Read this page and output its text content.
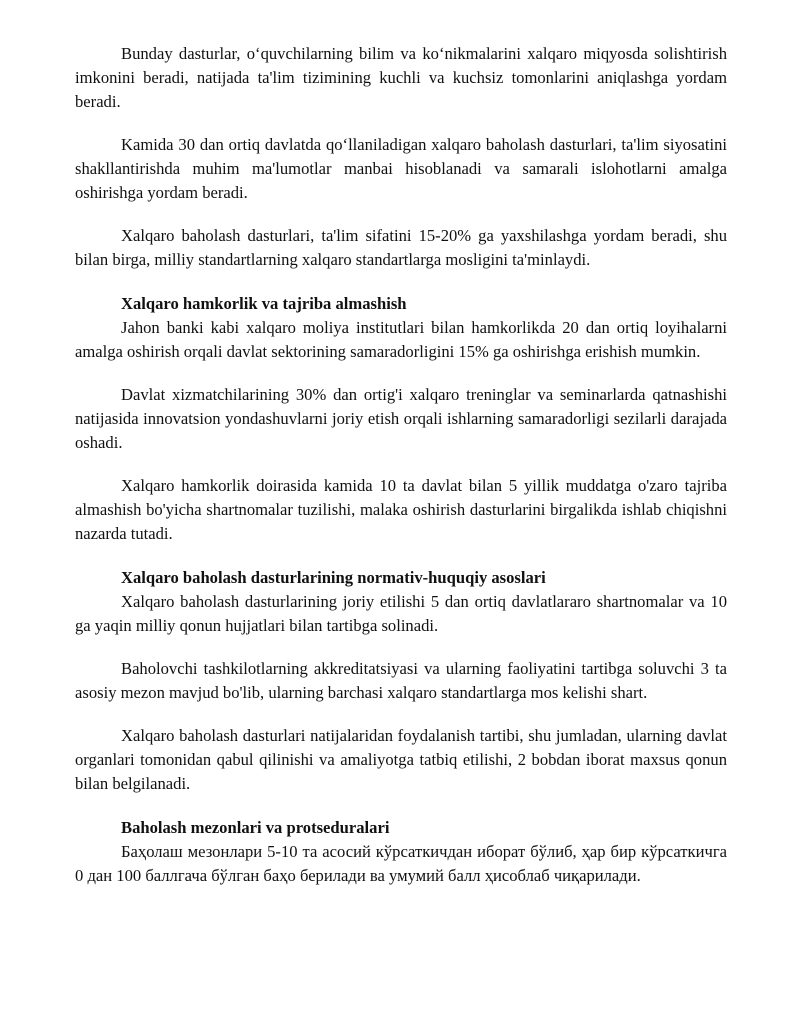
Bunday dasturlar, o‘quvchilarning bilim va ko‘nikmalarini xalqaro miqyosda solishtirish imkonini beradi, natijada ta'lim tizimining kuchli va kuchsiz tomonlarini aniqlashga yordam beradi.

Kamida 30 dan ortiq davlatda qo‘llaniladigan xalqaro baholash dasturlari, ta'lim siyosatini shakllantirishda muhim ma'lumotlar manbai hisoblanadi va samarali islohotlarni amalga oshirishga yordam beradi.

Xalqaro baholash dasturlari, ta'lim sifatini 15-20% ga yaxshilashga yordam beradi, shu bilan birga, milliy standartlarning xalqaro standartlarga mosligini ta'minlaydi.

Xalqaro hamkorlik va tajriba almashish

Jahon banki kabi xalqaro moliya institutlari bilan hamkorlikda 20 dan ortiq loyihalarni amalga oshirish orqali davlat sektorining samaradorligini 15% ga oshirishga erishish mumkin.

Davlat xizmatchilarining 30% dan ortig'i xalqaro treninglar va seminarlarda qatnashishi natijasida innovatsion yondashuvlarni joriy etish orqali ishlarning samaradorligi sezilarli darajada oshadi.

Xalqaro hamkorlik doirasida kamida 10 ta davlat bilan 5 yillik muddatga o'zaro tajriba almashish bo'yicha shartnomalar tuzilishi, malaka oshirish dasturlarini birgalikda ishlab chiqishni nazarda tutadi.

Xalqaro baholash dasturlarining normativ-huquqiy asoslari

Xalqaro baholash dasturlarining joriy etilishi 5 dan ortiq davlatlararo shartnomalar va 10 ga yaqin milliy qonun hujjatlari bilan tartibga solinadi.

Baholovchi tashkilotlarning akkreditatsiyasi va ularning faoliyatini tartibga soluvchi 3 ta asosiy mezon mavjud bo'lib, ularning barchasi xalqaro standartlarga mos kelishi shart.

Xalqaro baholash dasturlari natijalaridan foydalanish tartibi, shu jumladan, ularning davlat organlari tomonidan qabul qilinishi va amaliyotga tatbiq etilishi, 2 bobdan iborat maxsus qonun bilan belgilanadi.

Baholash mezonlari va protseduralari

Баҳолаш мезонлари 5-10 та асосий кўрсаткичдан иборат бўлиб, ҳар бир кўрсаткичга 0 дан 100 баллгача бўлган баҳо берилади ва умумий балл ҳисоблаб чиқарилади.
